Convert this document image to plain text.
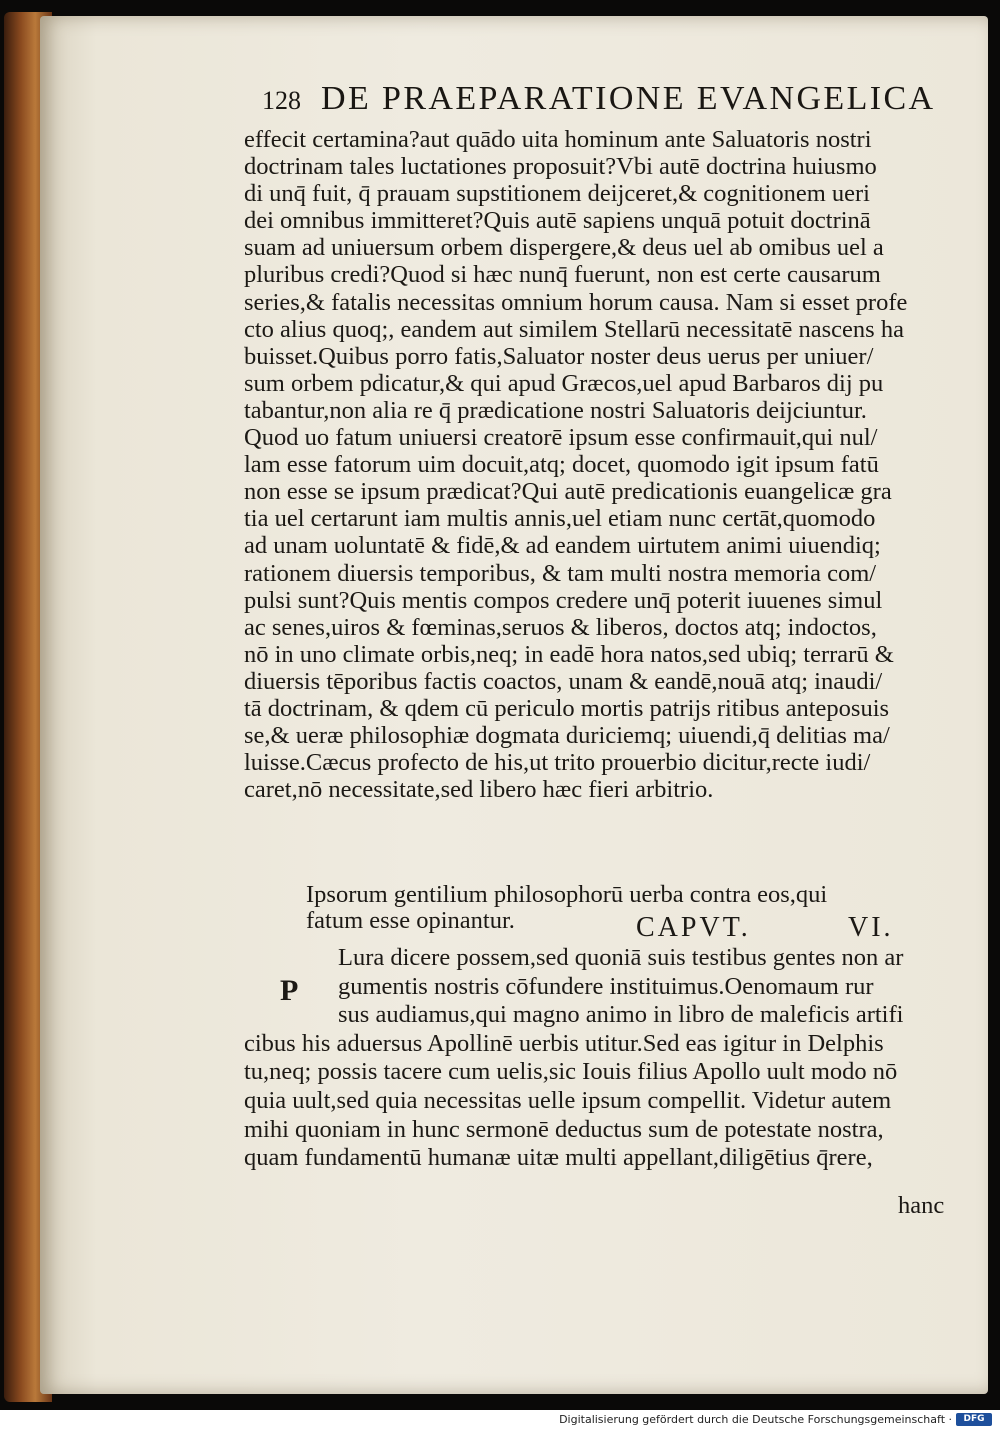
128 DE PRAEPARATIONE EVANGELICA
effecit certamina?aut quādo uita hominum ante Saluatoris nostri
doctrinam tales luctationes proposuit?Vbi autē doctrina huiusmo
di unq̄ fuit, q̄ prauam supstitionem deijceret,& cognitionem ueri
dei omnibus immitteret?Quis autē sapiens unquā potuit doctrinā
suam ad uniuersum orbem dispergere,& deus uel ab omibus uel a
pluribus credi?Quod si hæc nunq̄ fuerunt, non est certe causarum
series,& fatalis necessitas omnium horum causa. Nam si esset profe
cto alius quoq;, eandem aut similem Stellarū necessitatē nascens ha
buisset.Quibus porro fatis,Saluator noster deus uerus per uniuer/
sum orbem pdicatur,& qui apud Græcos,uel apud Barbaros dij pu
tabantur,non alia re q̄ prædicatione nostri Saluatoris deijciuntur.
Quod uo fatum uniuersi creatorē ipsum esse confirmauit,qui nul/
lam esse fatorum uim docuit,atq; docet, quomodo igit ipsum fatū
non esse se ipsum prædicat?Qui autē predicationis euangelicæ gra
tia uel certarunt iam multis annis,uel etiam nunc certāt,quomodo
ad unam uoluntatē & fidē,& ad eandem uirtutem animi uiuendiq;
rationem diuersis temporibus, & tam multi nostra memoria com/
pulsi sunt?Quis mentis compos credere unq̄ poterit iuuenes simul
ac senes,uiros & fœminas,seruos & liberos, doctos atq; indoctos,
nō in uno climate orbis,neq; in eadē hora natos,sed ubiq; terrarū &
diuersis tēporibus factis coactos, unam & eandē,nouā atq; inaudi/
tā doctrinam, & qdem cū periculo mortis patrijs ritibus anteposuis
se,& ueræ philosophiæ dogmata duriciemq; uiuendi,q̄ delitias ma/
luisse.Cæcus profecto de his,ut trito prouerbio dicitur,recte iudi/
caret,nō necessitate,sed libero hæc fieri arbitrio.
Ipsorum gentilium philosophorū uerba contra eos,qui
fatum esse opinantur.	CAPVT.	VI.
P
Lura dicere possem,sed quoniā suis testibus gentes non ar
gumentis nostris cōfundere instituimus.Oenomaum rur
sus audiamus,qui magno animo in libro de maleficis artifi
cibus his aduersus Apollinē uerbis utitur.Sed eas igitur in Delphis
tu,neq; possis tacere cum uelis,sic Iouis filius Apollo uult modo nō
quia uult,sed quia necessitas uelle ipsum compellit. Videtur autem
mihi quoniam in hunc sermonē deductus sum de potestate nostra,
quam fundamentū humanæ uitæ multi appellant,diligētius q̄rere,
hanc
Digitalisierung gefördert durch die Deutsche Forschungsgemeinschaft ·	DFG
